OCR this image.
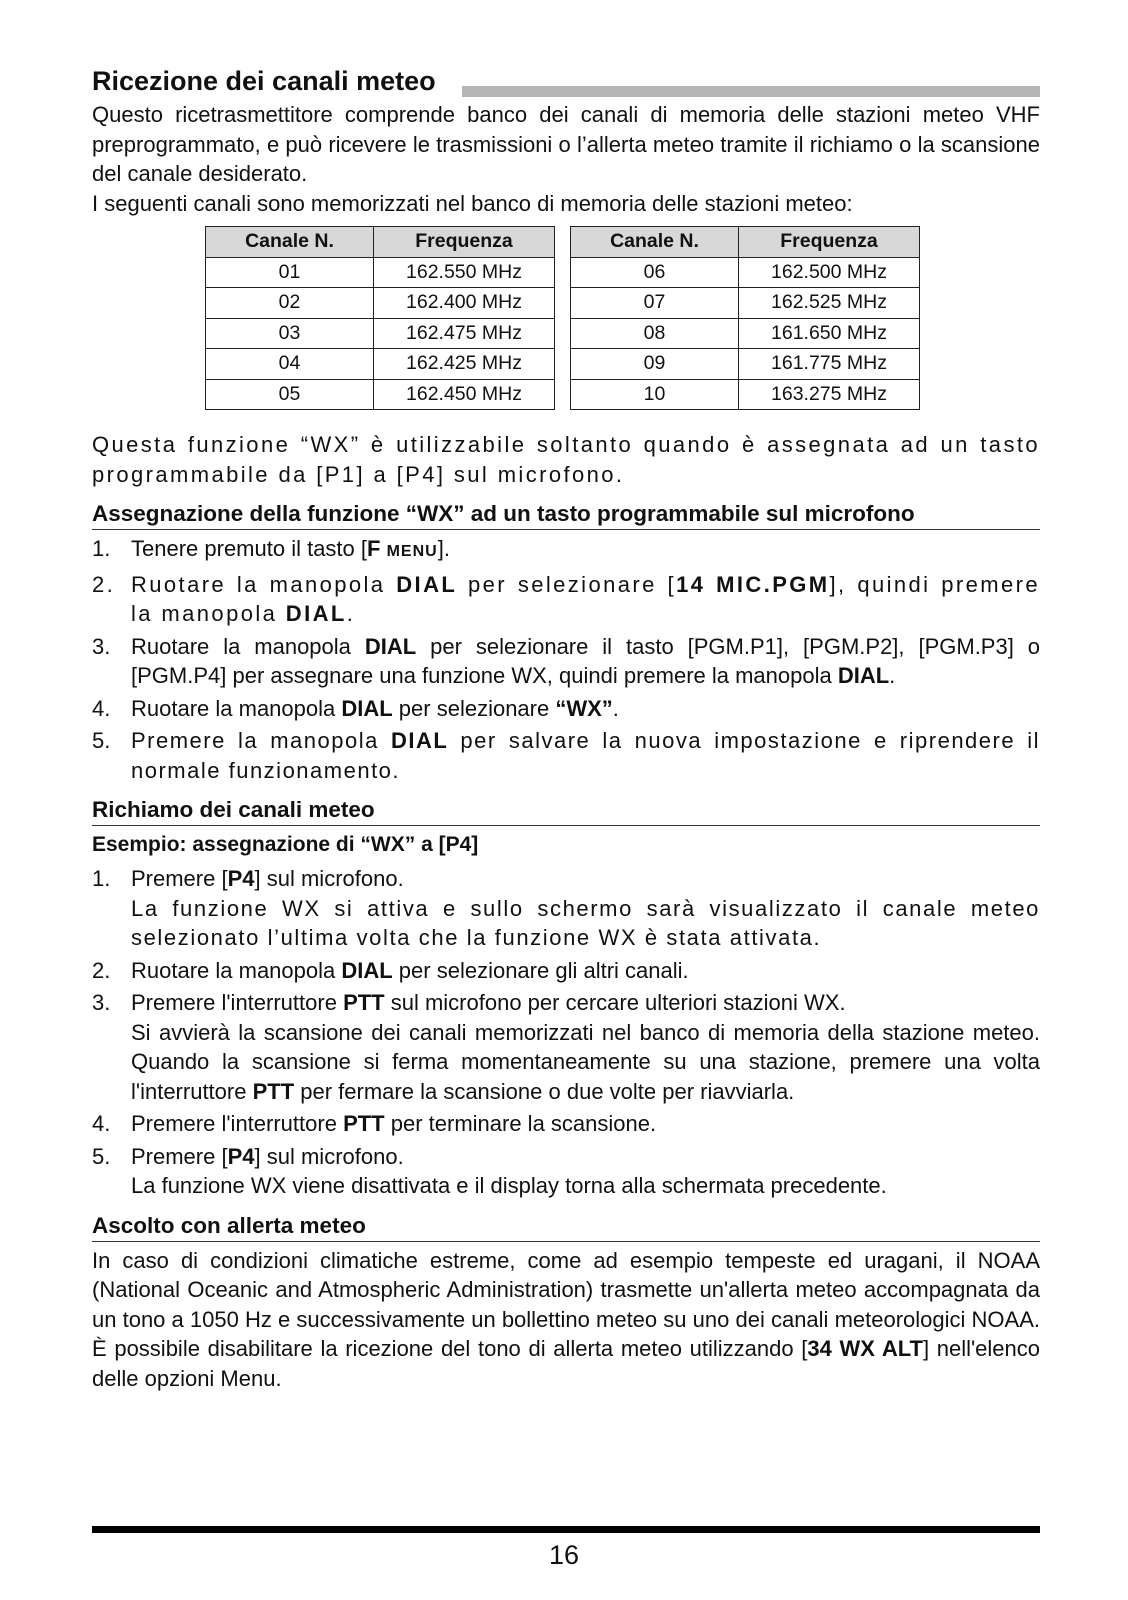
Ricezione dei canali meteo

Questo ricetrasmettitore comprende banco dei canali di memoria delle stazioni meteo VHF preprogrammato, e può ricevere le trasmissioni o l’allerta meteo tramite il richiamo o la scansione del canale desiderato.

I seguenti canali sono memorizzati nel banco di memoria delle stazioni meteo:

Canale N.	Frequenza
01	162.550 MHz
02	162.400 MHz
03	162.475 MHz
04	162.425 MHz
05	162.450 MHz
Canale N.	Frequenza
06	162.500 MHz
07	162.525 MHz
08	161.650 MHz
09	161.775 MHz
10	163.275 MHz

Questa funzione “WX” è utilizzabile soltanto quando è assegnata ad un tasto programmabile da [P1] a [P4] sul microfono.

Assegnazione della funzione “WX” ad un tasto programmabile sul microfono
1. Tenere premuto il tasto [F MENU].
2. Ruotare la manopola DIAL per selezionare [14 MIC.PGM], quindi premere la manopola DIAL.
3. Ruotare la manopola DIAL per selezionare il tasto [PGM.P1], [PGM.P2], [PGM.P3] o [PGM.P4] per assegnare una funzione WX, quindi premere la manopola DIAL.
4. Ruotare la manopola DIAL per selezionare “WX”.
5. Premere la manopola DIAL per salvare la nuova impostazione e riprendere il normale funzionamento.
Richiamo dei canali meteo
Esempio: assegnazione di “WX” a [P4]
1. Premere [P4] sul microfono.
La funzione WX si attiva e sullo schermo sarà visualizzato il canale meteo selezionato l’ultima volta che la funzione WX è stata attivata.
2. Ruotare la manopola DIAL per selezionare gli altri canali.
3. Premere l'interruttore PTT sul microfono per cercare ulteriori stazioni WX.
Si avvierà la scansione dei canali memorizzati nel banco di memoria della stazione meteo. Quando la scansione si ferma momentaneamente su una stazione, premere una volta l'interruttore PTT per fermare la scansione o due volte per riavviarla.
4. Premere l'interruttore PTT per terminare la scansione.
5. Premere [P4] sul microfono.
La funzione WX viene disattivata e il display torna alla schermata precedente.
Ascolto con allerta meteo

In caso di condizioni climatiche estreme, come ad esempio tempeste ed uragani, il NOAA (National Oceanic and Atmospheric Administration) trasmette un'allerta meteo accompagnata da un tono a 1050 Hz e successivamente un bollettino meteo su uno dei canali meteorologici NOAA. È possibile disabilitare la ricezione del tono di allerta meteo utilizzando [34 WX ALT] nell'elenco delle opzioni Menu.

16
